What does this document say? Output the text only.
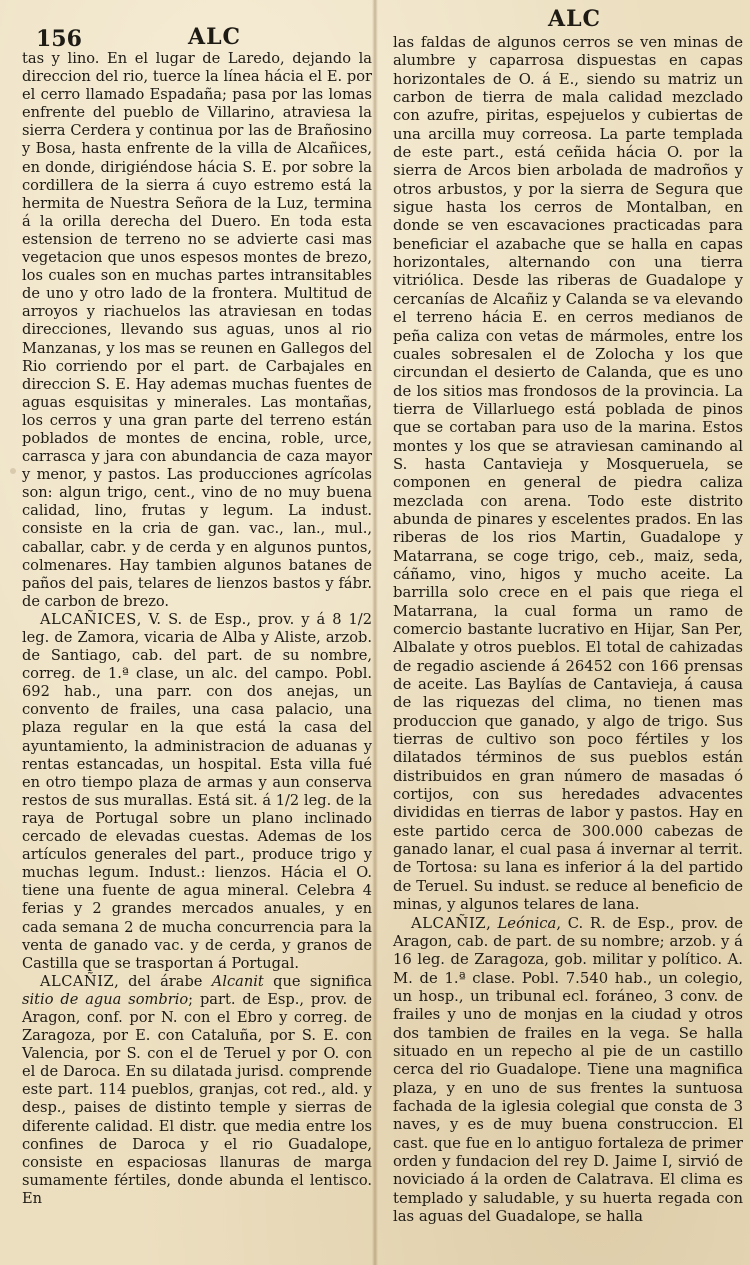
156	ALC
ALC

tas y lino. En el lugar de Laredo, dejando la direccion del rio, tuerce la línea hácia el E. por el cerro llamado Espadaña; pasa por las lomas enfrente del pueblo de Villarino, atraviesa la sierra Cerdera y continua por las de Brañosino y Bosa, hasta enfrente de la villa de Alcañices, en donde, dirigiéndose hácia S. E. por sobre la cordillera de la sierra á cuyo estremo está la hermita de Nuestra Señora de la Luz, termina á la orilla derecha del Duero. En toda esta estension de terreno no se advierte casi mas vegetacion que unos espesos montes de brezo, los cuales son en muchas partes intransitables de uno y otro lado de la frontera. Multitud de arroyos y riachuelos las atraviesan en todas direcciones, llevando sus aguas, unos al rio Manzanas, y los mas se reunen en Gallegos del Rio corriendo por el part. de Carbajales en direccion S. E. Hay ademas muchas fuentes de aguas esquisitas y minerales. Las montañas, los cerros y una gran parte del terreno están poblados de montes de encina, roble, urce, carrasca y jara con abundancia de caza mayor y menor, y pastos. Las producciones agrícolas son: algun trigo, cent., vino de no muy buena calidad, lino, frutas y legum. La indust. consiste en la cria de gan. vac., lan., mul., caballar, cabr. y de cerda y en algunos puntos, colmenares. Hay tambien algunos batanes de paños del pais, telares de lienzos bastos y fábr. de carbon de brezo.

ALCAÑICES, V. S. de Esp., prov. y á 8 1/2 leg. de Zamora, vicaria de Alba y Aliste, arzob. de Santiago, cab. del part. de su nombre, correg. de 1.ª clase, un alc. del campo. Pobl. 692 hab., una parr. con dos anejas, un convento de frailes, una casa palacio, una plaza regular en la que está la casa del ayuntamiento, la administracion de aduanas y rentas estancadas, un hospital. Esta villa fué en otro tiempo plaza de armas y aun conserva restos de sus murallas. Está sit. á 1/2 leg. de la raya de Portugal sobre un plano inclinado cercado de elevadas cuestas. Ademas de los artículos generales del part., produce trigo y muchas legum. Indust.: lienzos. Hácia el O. tiene una fuente de agua mineral. Celebra 4 ferias y 2 grandes mercados anuales, y en cada semana 2 de mucha concurrencia para la venta de ganado vac. y de cerda, y granos de Castilla que se trasportan á Portugal.

ALCAÑIZ, del árabe Alcanit que significa sitio de agua sombrio; part. de Esp., prov. de Aragon, conf. por N. con el Ebro y correg. de Zaragoza, por E. con Cataluña, por S. E. con Valencia, por S. con el de Teruel y por O. con el de Daroca. En su dilatada jurisd. comprende este part. 114 pueblos, granjas, cot red., ald. y desp., paises de distinto temple y sierras de diferente calidad. El distr. que media entre los confines de Daroca y el rio Guadalope, consiste en espaciosas llanuras de marga sumamente fértiles, donde abunda el lentisco. En

las faldas de algunos cerros se ven minas de alumbre y caparrosa dispuestas en capas horizontales de O. á E., siendo su matriz un carbon de tierra de mala calidad mezclado con azufre, piritas, espejuelos y cubiertas de una arcilla muy correosa. La parte templada de este part., está ceñida hácia O. por la sierra de Arcos bien arbolada de madroños y otros arbustos, y por la sierra de Segura que sigue hasta los cerros de Montalban, en donde se ven escavaciones practicadas para beneficiar el azabache que se halla en capas horizontales, alternando con una tierra vitriólica. Desde las riberas de Guadalope y cercanías de Alcañiz y Calanda se va elevando el terreno hácia E. en cerros medianos de peña caliza con vetas de mármoles, entre los cuales sobresalen el de Zolocha y los que circundan el desierto de Calanda, que es uno de los sitios mas frondosos de la provincia. La tierra de Villarluego está poblada de pinos que se cortaban para uso de la marina. Estos montes y los que se atraviesan caminando al S. hasta Cantavieja y Mosqueruela, se componen en general de piedra caliza mezclada con arena. Todo este distrito abunda de pinares y escelentes prados. En las riberas de los rios Martin, Guadalope y Matarrana, se coge trigo, ceb., maiz, seda, cáñamo, vino, higos y mucho aceite. La barrilla solo crece en el pais que riega el Matarrana, la cual forma un ramo de comercio bastante lucrativo en Hijar, San Per, Albalate y otros pueblos. El total de cahizadas de regadio asciende á 26452 con 166 prensas de aceite. Las Baylías de Cantavieja, á causa de las riquezas del clima, no tienen mas produccion que ganado, y algo de trigo. Sus tierras de cultivo son poco fértiles y los dilatados términos de sus pueblos están distribuidos en gran número de masadas ó cortijos, con sus heredades advacentes divididas en tierras de labor y pastos. Hay en este partido cerca de 300.000 cabezas de ganado lanar, el cual pasa á invernar al territ. de Tortosa: su lana es inferior á la del partido de Teruel. Su indust. se reduce al beneficio de minas, y algunos telares de lana.

ALCAÑIZ, Leónica, C. R. de Esp., prov. de Aragon, cab. de part. de su nombre; arzob. y á 16 leg. de Zaragoza, gob. militar y político. A. M. de 1.ª clase. Pobl. 7.540 hab., un colegio, un hosp., un tribunal ecl. foráneo, 3 conv. de frailes y uno de monjas en la ciudad y otros dos tambien de frailes en la vega. Se halla situado en un repecho al pie de un castillo cerca del rio Guadalope. Tiene una magnifica plaza, y en uno de sus frentes la suntuosa fachada de la iglesia colegial que consta de 3 naves, y es de muy buena construccion. El cast. que fue en lo antiguo fortaleza de primer orden y fundacion del rey D. Jaime I, sirvió de noviciado á la orden de Calatrava. El clima es templado y saludable, y su huerta regada con las aguas del Guadalope, se halla
